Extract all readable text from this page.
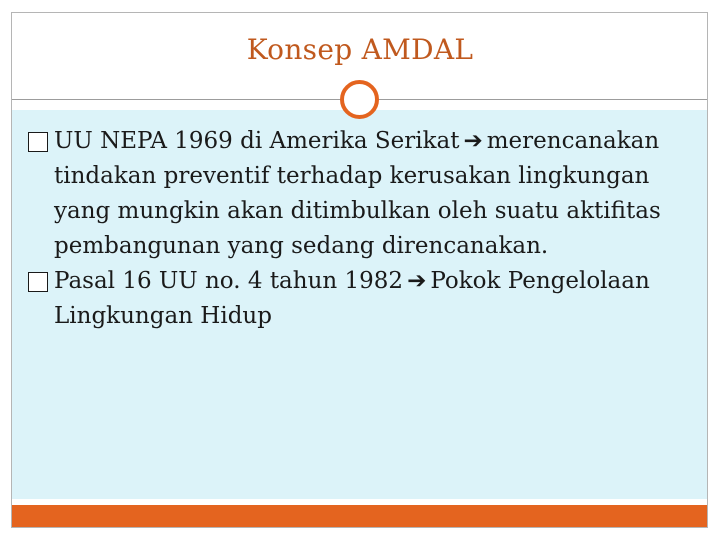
Konsep AMDAL
UU NEPA 1969 di Amerika Serikat ➔ merencanakan tindakan preventif terhadap kerusakan lingkungan yang mungkin akan ditimbulkan oleh suatu aktifitas pembangunan yang sedang direncanakan.
Pasal 16 UU no. 4 tahun 1982 ➔ Pokok Pengelolaan Lingkungan Hidup
